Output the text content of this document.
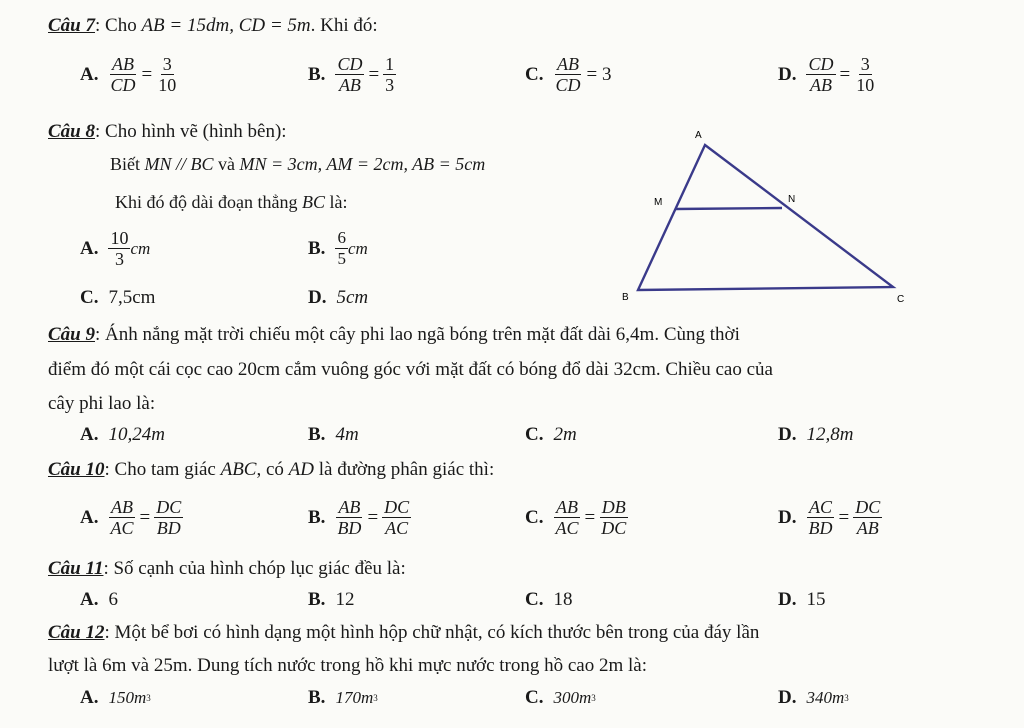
Câu 7: Cho AB = 15dm, CD = 5m. Khi đó:
A. $\frac{AB}{CD} = \frac{3}{10}$	B. $\frac{CD}{AB} = \frac{1}{3}$	C. $\frac{AB}{CD} = 3$	D. $\frac{CD}{AB} = \frac{3}{10}$
Câu 8: Cho hình vẽ (hình bên):
Biết MN // BC và MN = 3cm, AM = 2cm, AB = 5cm
Khi đó độ dài đoạn thẳng BC là:
A. $\frac{10}{3}$ cm	B. $\frac{6}{5}$ cm
C. 7,5cm	D. 5cm
A
M	N
B	C
Câu 9: Ánh nắng mặt trời chiếu một cây phi lao ngã bóng trên mặt đất dài 6,4m. Cùng thời
điểm đó một cái cọc cao 20cm cắm vuông góc với mặt đất có bóng đổ dài 32cm. Chiều cao của
cây phi lao là:
A. 10,24m	B. 4m	C. 2m	D. 12,8m
Câu 10: Cho tam giác ABC, có AD là đường phân giác thì:
A. $\frac{AB}{AC} = \frac{DC}{BD}$	B. $\frac{AB}{BD} = \frac{DC}{AC}$	C. $\frac{AB}{AC} = \frac{DB}{DC}$	D. $\frac{AC}{BD} = \frac{DC}{AB}$
Câu 11: Số cạnh của hình chóp lục giác đều là:
A. 6	B. 12	C. 18	D. 15
Câu 12: Một bể bơi có hình dạng một hình hộp chữ nhật, có kích thước bên trong của đáy lần
lượt là 6m và 25m. Dung tích nước trong hồ khi mực nước trong hồ cao 2m là:
A. 150m 3	B. 170m 3	C. 300m 3	D. 340m 3
